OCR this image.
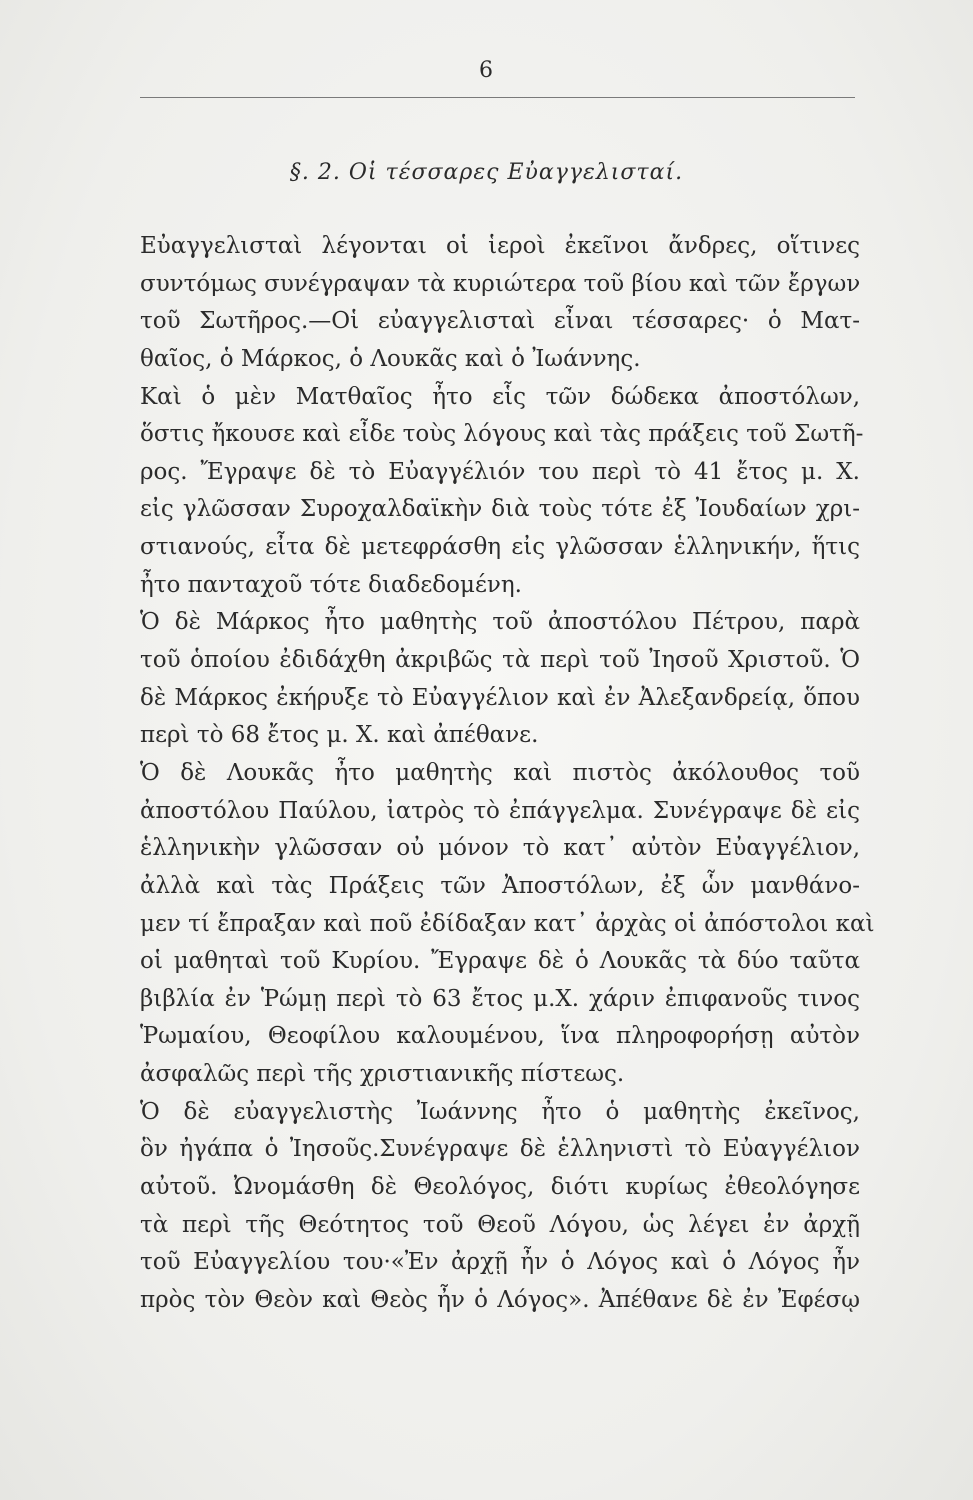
6
§. 2. Οἱ τέσσαρες Εὐαγγελισταί.
Εὐαγγελισταὶ λέγονται οἱ ἱεροὶ ἐκεῖνοι ἄνδρες, οἵτινες
συντόμως συνέγραψαν τὰ κυριώτερα τοῦ βίου καὶ τῶν ἔργων
τοῦ Σωτῆρος.—Οἱ εὐαγγελισταὶ εἶναι τέσσαρες· ὁ Ματ-
θαῖος, ὁ Μάρκος, ὁ Λουκᾶς καὶ ὁ Ἰωάννης.
Καὶ ὁ μὲν Ματθαῖος ἦτο εἷς τῶν δώδεκα ἀποστόλων,
ὅστις ἤκουσε καὶ εἶδε τοὺς λόγους καὶ τὰς πράξεις τοῦ Σωτῆ-
ρος. Ἔγραψε δὲ τὸ Εὐαγγέλιόν του περὶ τὸ 41 ἔτος μ. Χ.
εἰς γλῶσσαν Συροχαλδαϊκὴν διὰ τοὺς τότε ἐξ Ἰουδαίων χρι-
στιανούς, εἶτα δὲ μετεφράσθη εἰς γλῶσσαν ἑλληνικήν, ἥτις
ἦτο πανταχοῦ τότε διαδεδομένη.
Ὁ δὲ Μάρκος ἦτο μαθητὴς τοῦ ἀποστόλου Πέτρου, παρὰ
τοῦ ὁποίου ἐδιδάχθη ἀκριβῶς τὰ περὶ τοῦ Ἰησοῦ Χριστοῦ. Ὁ
δὲ Μάρκος ἐκήρυξε τὸ Εὐαγγέλιον καὶ ἐν Ἀλεξανδρείᾳ, ὅπου
περὶ τὸ 68 ἔτος μ. Χ. καὶ ἀπέθανε.
Ὁ δὲ Λουκᾶς ἦτο μαθητὴς καὶ πιστὸς ἀκόλουθος τοῦ
ἀποστόλου Παύλου, ἰατρὸς τὸ ἐπάγγελμα. Συνέγραψε δὲ εἰς
ἑλληνικὴν γλῶσσαν οὐ μόνον τὸ κατ᾽ αὐτὸν Εὐαγγέλιον,
ἀλλὰ καὶ τὰς Πράξεις τῶν Ἀποστόλων, ἐξ ὧν μανθάνο-
μεν τί ἔπραξαν καὶ ποῦ ἐδίδαξαν κατ᾽ ἀρχὰς οἱ ἀπόστολοι καὶ
οἱ μαθηταὶ τοῦ Κυρίου. Ἔγραψε δὲ ὁ Λουκᾶς τὰ δύο ταῦτα
βιβλία ἐν Ῥώμῃ περὶ τὸ 63 ἔτος μ.Χ. χάριν ἐπιφανοῦς τινος
Ῥωμαίου, Θεοφίλου καλουμένου, ἵνα πληροφορήσῃ αὐτὸν
ἀσφαλῶς περὶ τῆς χριστιανικῆς πίστεως.
Ὁ δὲ εὐαγγελιστὴς Ἰωάννης ἦτο ὁ μαθητὴς ἐκεῖνος,
ὃν ἠγάπα ὁ Ἰησοῦς.Συνέγραψε δὲ ἑλληνιστὶ τὸ Εὐαγγέλιον
αὐτοῦ. Ὠνομάσθη δὲ Θεολόγος, διότι κυρίως ἐθεολόγησε
τὰ περὶ τῆς Θεότητος τοῦ Θεοῦ Λόγου, ὡς λέγει ἐν ἀρχῇ
τοῦ Εὐαγγελίου του·«Ἐν ἀρχῇ ἦν ὁ Λόγος καὶ ὁ Λόγος ἦν
πρὸς τὸν Θεὸν καὶ Θεὸς ἦν ὁ Λόγος». Ἀπέθανε δὲ ἐν Ἐφέσῳ
